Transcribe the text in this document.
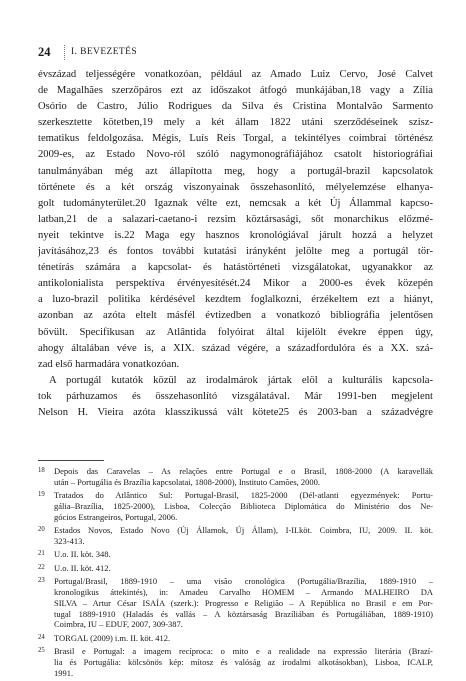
24	I. BEVEZETÉS
évszázad teljességére vonatkozóan, például az Amado Luiz Cervo, José Calvet
de Magalhães szerzőpáros ezt az időszakot átfogó munkájában,18 vagy a Zília
Osório de Castro, Júlio Rodrigues da Silva és Cristina Montalvão Sarmento
szerkesztette kötetben,19 mely a két állam 1822 utáni szerződéseinek szisz-
tematikus feldolgozása. Mégis, Luís Reis Torgal, a tekintélyes coimbrai történész
2009-es, az Estado Novo-ról szóló nagymonográfiájához csatolt historiográfiai
tanulmányában még azt állapította meg, hogy a portugál-brazil kapcsolatok
története és a két ország viszonyainak összehasonlító, mélyelemzése elhanya-
golt tudományterület.20 Igaznak vélte ezt, nemcsak a két Új Állammal kapcso-
latban,21 de a salazari-caetano-i rezsim köztársasági, sőt monarchikus előzmé-
nyeit tekintve is.22 Maga egy hasznos kronológiával járult hozzá a helyzet
javításához,23 és fontos további kutatási irányként jelölte meg a portugál tör-
ténetírás számára a kapcsolat- és hatástörténeti vizsgálatokat, ugyanakkor az
antikolonialista perspektíva érvényesítését.24 Mikor a 2000-es évek közepén
a luzo-brazil politika kérdésével kezdtem foglalkozni, érzékeltem ezt a hiányt,
azonban az azóta eltelt másfél évtizedben a vonatkozó bibliográfia jelentősen
bővült. Specifikusan az Atlântida folyóirat által kijelölt évekre éppen úgy,
ahogy általában véve is, a XIX. század végére, a századfordulóra és a XX. szá-
zad első harmadára vonatkozóan.
A portugál kutatók közül az irodalmárok jártak elöl a kulturális kapcsola-
tok párhuzamos és összehasonlító vizsgálatával. Már 1991-ben megjelent
Nelson H. Vieira azóta klasszikussá vált kötete25 és 2003-ban a századvégre
18	Depois das Caravelas – As relações entre Portugal e o Brasil, 1808-2000 (A karavellák
után – Portugália és Brazília kapcsolatai, 1808-2000), Instituto Camões, 2000.
19	Tratados do Atlântico Sul: Portugal-Brasil, 1825-2000 (Dél-atlanti egyezmények: Portu-
gália–Brazília, 1825-2000), Lisboa, Colecção Biblioteca Diplomática do Ministério dos Ne-
gócios Estrangeiros, Portugal, 2006.
20	Estados Novos, Estado Novo (Új Államok, Új Állam), I-II.köt. Coimbra, IU, 2009. II. köt.
323-413.
21	U.o. II. köt. 348.
22	U.o. II. köt. 412.
23	Portugal/Brasil, 1889-1910 – uma visão cronológica (Portugália/Brazília, 1889-1910 –
kronologikus áttekintés), in: Amadeu Carvalho HOMEM – Armando MALHEIRO DA
SILVA – Artur César ISAÍA (szerk.): Progresso e Religião – A República no Brasil e em Por-
tugal 1889-1910 (Haladás és vallás – A köztársaság Brazíliában és Portugáliában, 1889-1910)
Coimbra, IU – EDUF, 2007, 309-387.
24	TORGAL (2009) i.m. II. köt. 412.
25	Brasil e Portugal: a imagem recíproca: o mito e a realidade na expressão literária (Brazí-
lia és Portugália: kölcsönös kép: mítosz és valóság az irodalmi alkotásokban), Lisboa, ICALP,
1991.
